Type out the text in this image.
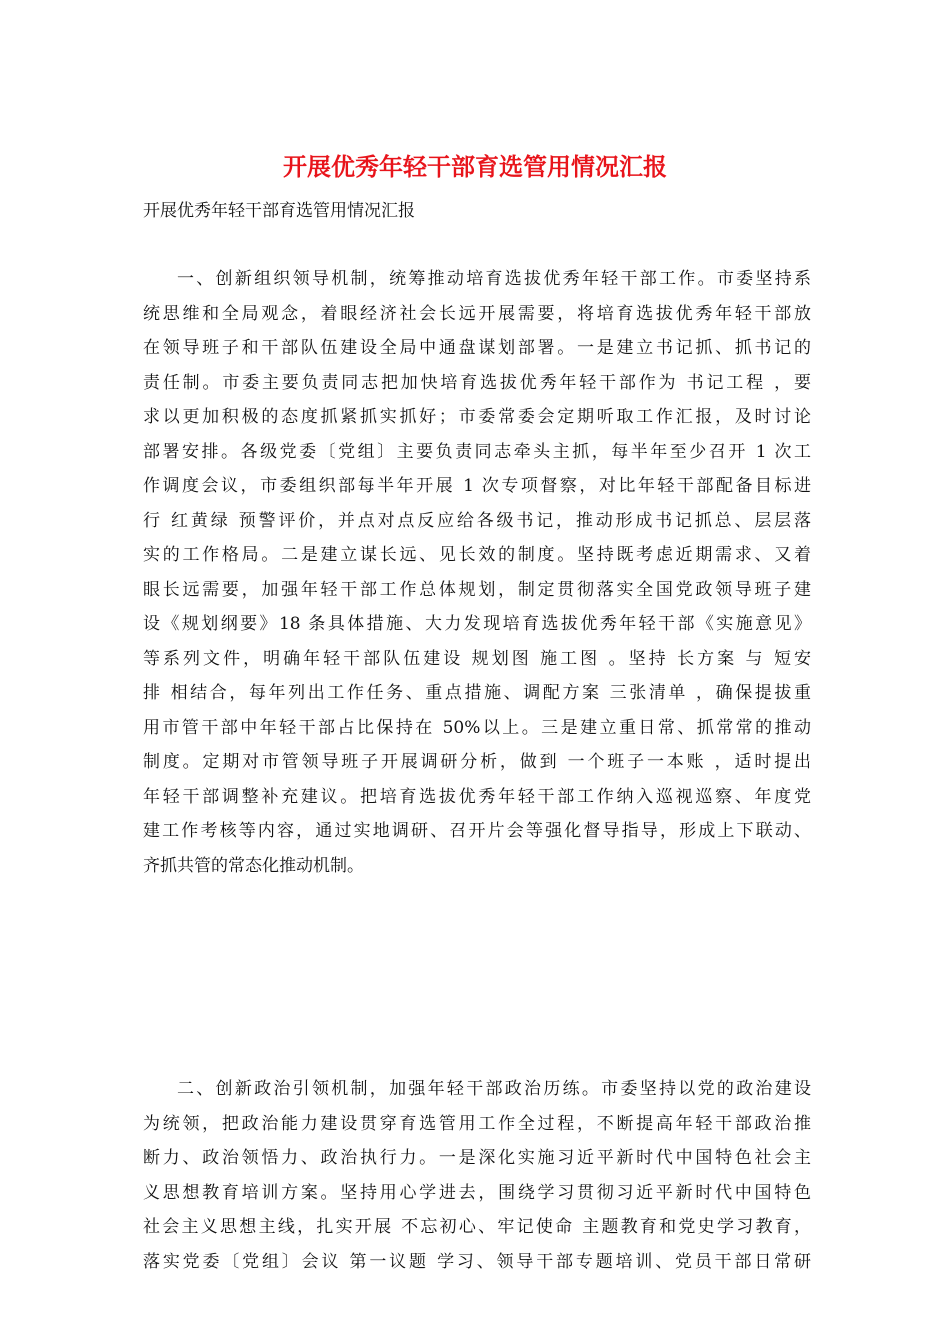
开展优秀年轻干部育选管用情况汇报

开展优秀年轻干部育选管用情况汇报

一、创新组织领导机制，统筹推动培育选拔优秀年轻干部工作。市委坚持系
统思维和全局观念，着眼经济社会长远开展需要，将培育选拔优秀年轻干部放
在领导班子和干部队伍建设全局中通盘谋划部署。一是建立书记抓、抓书记的
责任制。市委主要负责同志把加快培育选拔优秀年轻干部作为 书记工程 ，要
求以更加积极的态度抓紧抓实抓好；市委常委会定期听取工作汇报，及时讨论
部署安排。各级党委〔党组〕主要负责同志牵头主抓，每半年至少召开 1 次工
作调度会议，市委组织部每半年开展 1 次专项督察，对比年轻干部配备目标进
行 红黄绿 预警评价，并点对点反应给各级书记，推动形成书记抓总、层层落
实的工作格局。二是建立谋长远、见长效的制度。坚持既考虑近期需求、又着
眼长远需要，加强年轻干部工作总体规划，制定贯彻落实全国党政领导班子建
设《规划纲要》18 条具体措施、大力发现培育选拔优秀年轻干部《实施意见》
等系列文件，明确年轻干部队伍建设 规划图 施工图 。坚持 长方案 与 短安
排 相结合，每年列出工作任务、重点措施、调配方案 三张清单 ，确保提拔重
用市管干部中年轻干部占比保持在 50%以上。三是建立重日常、抓常常的推动
制度。定期对市管领导班子开展调研分析，做到 一个班子一本账 ，适时提出
年轻干部调整补充建议。把培育选拔优秀年轻干部工作纳入巡视巡察、年度党
建工作考核等内容，通过实地调研、召开片会等强化督导指导，形成上下联动、
齐抓共管的常态化推动机制。
二、创新政治引领机制，加强年轻干部政治历练。市委坚持以党的政治建设
为统领，把政治能力建设贯穿育选管用工作全过程，不断提高年轻干部政治推
断力、政治领悟力、政治执行力。一是深化实施习近平新时代中国特色社会主
义思想教育培训方案。坚持用心学进去，围绕学习贯彻习近平新时代中国特色
社会主义思想主线，扎实开展 不忘初心、牢记使命 主题教育和党史学习教育，
落实党委〔党组〕会议 第一议题 学习、领导干部专题培训、党员干部日常研
